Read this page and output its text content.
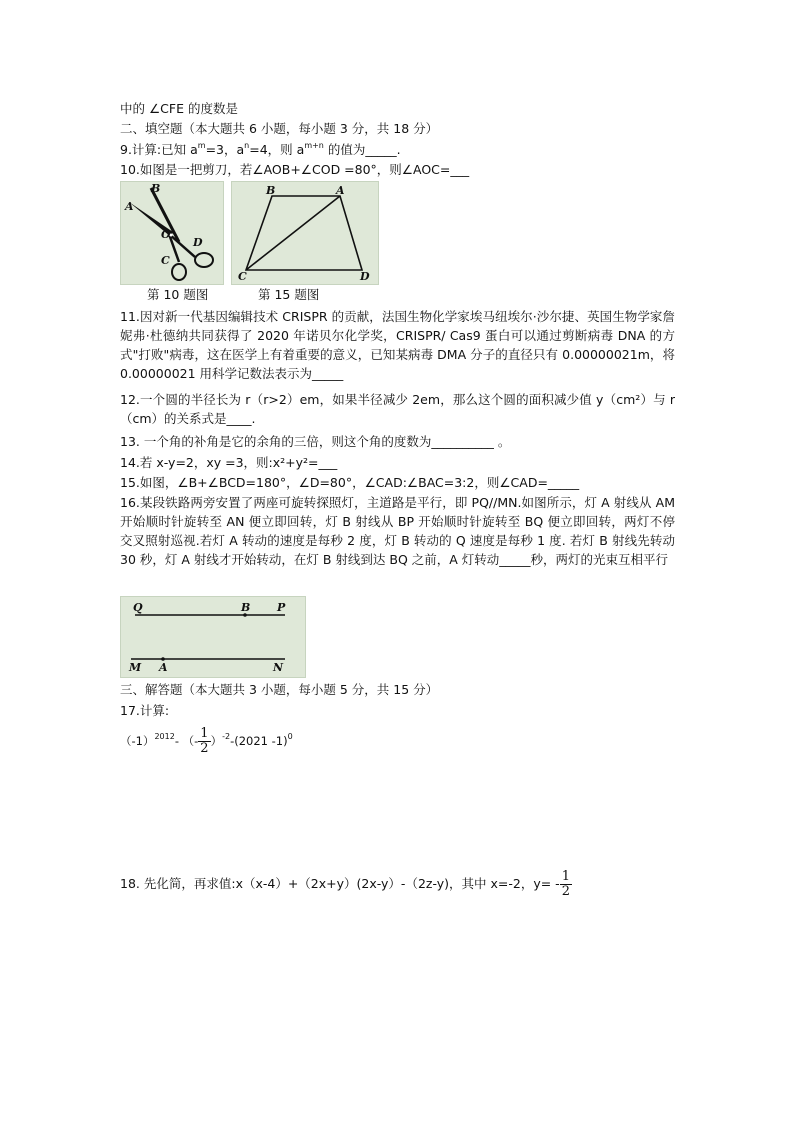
中的 ∠CFE 的度数是
二、填空题（本大题共 6 小题，每小题 3 分，共 18 分）
9.计算:已知 $a^m=3$，$a^n=4$，则 $a^{m+n}$ 的值为_____.
10.如图是一把剪刀，若∠AOB+∠COD =80°，则∠AOC=___
B
A
O
D
C
B	A
C	D
第 10 题图	第 15 题图
11.因对新一代基因编辑技术 CRISPR 的贡献，法国生物化学家埃马纽埃尔·沙尔捷、英国生物学家詹妮弗·杜德纳共同获得了 2020 年诺贝尔化学奖，CRISPR/ Cas9 蛋白可以通过剪断病毒 DNA 的方式"打败"病毒，这在医学上有着重要的意义，已知某病毒 DMA 分子的直径只有 0.00000021m，将 0.00000021 用科学记数法表示为_____
12.一个圆的半径长为 r（r>2）em，如果半径减少 2em，那么这个圆的面积减少值 y（cm²）与 r（cm）的关系式是____.
13. 一个角的补角是它的余角的三倍，则这个角的度数为__________ 。
14.若 x-y=2，xy =3，则:x²+y²=___
15.如图，∠B+∠BCD=180°，∠D=80°，∠CAD:∠BAC=3:2，则∠CAD=_____
16.某段铁路两旁安置了两座可旋转探照灯，主道路是平行，即 PQ//MN.如图所示，灯 A 射线从 AM 开始顺时针旋转至 AN 便立即回转，灯 B 射线从 BP 开始顺时针旋转至 BQ 便立即回转，两灯不停交叉照射巡视.若灯 A 转动的速度是每秒 2 度，灯 B 转动的 Q 速度是每秒 1 度. 若灯 B 射线先转动 30 秒，灯 A 射线才开始转动，在灯 B 射线到达 BQ 之前，A 灯转动_____秒，两灯的光束互相平行
Q	B P
M A	N
三、解答题（本大题共 3 小题，每小题 5 分，共 15 分）
17.计算:
$(-1)^{2012}-$ （- $\frac{1}{2} )^{-2}-(2021$ -1)$^0$
18. 先化简，再求值:x（x-4）+（2x+y）(2x-y）-（2z-y)，其中 x=-2，$y= - \frac{1}{2}$
